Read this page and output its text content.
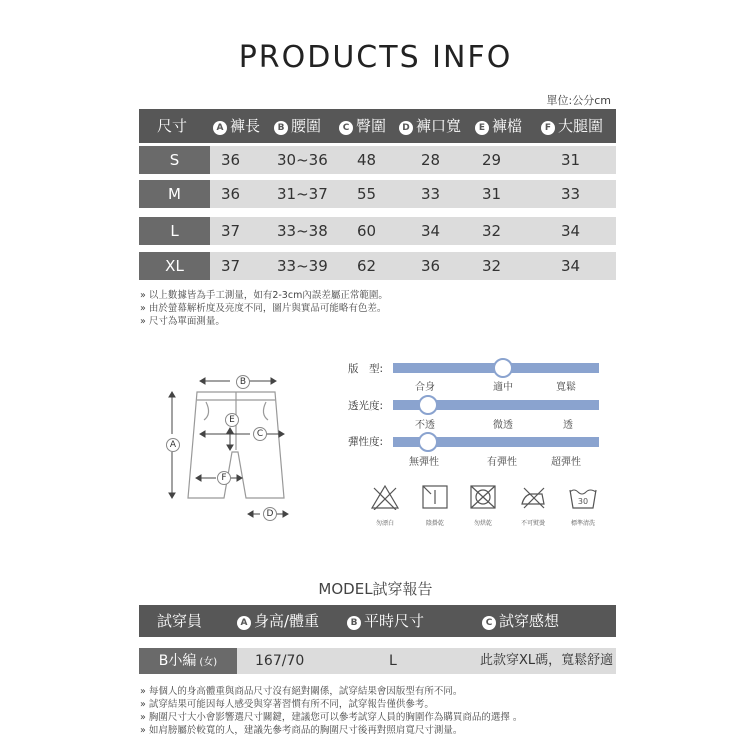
PRODUCTS INFO
單位:公分cm
尺寸	A 褲長	B 腰圍	C 臀圍	D 褲口寬	E 褲檔	F 大腿圍
S	36 30~36 48	28	29	31
M	36 31~37 55	33	31	33
L	37 33~38 60	34	32	34
XL	37 33~39 62	36	32	34
» 以上數據皆為手工測量，如有2-3cm內誤差屬正常範圍。
» 由於螢幕解析度及亮度不同，圖片與實品可能略有色差。
» 尺寸為單面測量。
B
A
E
C
F
D
版　型:
合身	適中	寬鬆
透光度:
不透	微透	透
彈性度:
無彈性	有彈性	超彈性
30
勿漂白	陰掛乾	勿烘乾	不可熨燙	標準清洗
MODEL試穿報告
試穿員	A 身高/體重	B 平時尺寸	C 試穿感想
B小編 (女)	167/70	L	此款穿XL碼，寬鬆舒適
» 每個人的身高體重與商品尺寸沒有絕對關係，試穿結果會因版型有所不同。
» 試穿結果可能因每人感受與穿著習慣有所不同，試穿報告僅供參考。
» 胸圍尺寸大小會影響選尺寸關鍵，建議您可以參考試穿人員的胸圍作為購買商品的選擇 。
» 如肩膀屬於較寬的人，建議先參考商品的胸圍尺寸後再對照肩寬尺寸測量。
